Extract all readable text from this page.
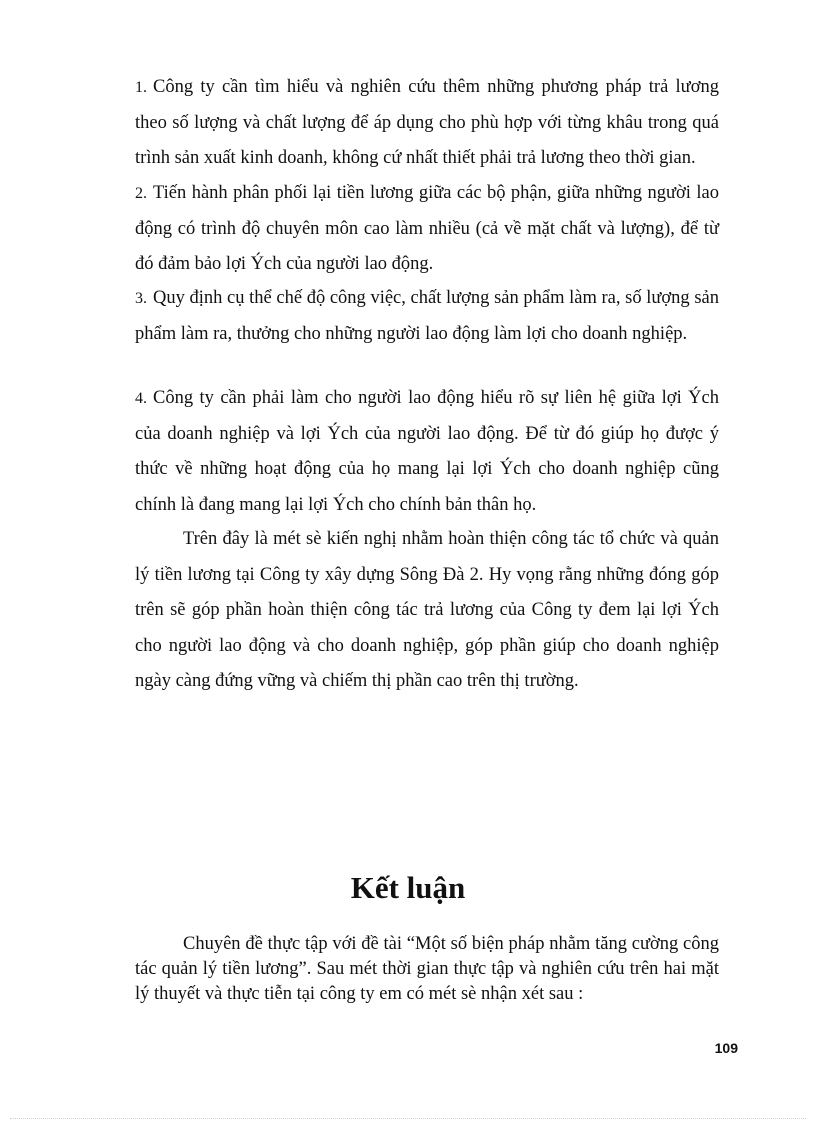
1. Công ty cần tìm hiểu và nghiên cứu thêm những phương pháp trả lương theo số lượng và chất lượng để áp dụng cho phù hợp với từng khâu trong quá trình sản xuất kinh doanh, không cứ nhất thiết phải trả lương theo thời gian.

2. Tiến hành phân phối lại tiền lương giữa các bộ phận, giữa những người lao động có trình độ chuyên môn cao làm nhiều (cả về mặt chất và lượng), để từ đó đảm bảo lợi Ých của người lao động.

3. Quy định cụ thể chế độ công việc, chất lượng sản phẩm làm ra, số lượng sản phẩm làm ra, thưởng cho những người lao động làm lợi cho doanh nghiệp.

4. Công ty cần phải làm cho người lao động hiểu rõ sự liên hệ giữa lợi Ých của doanh nghiệp và lợi Ých của người lao động. Để từ đó giúp họ được ý thức về những hoạt động của họ mang lại lợi Ých cho doanh nghiệp cũng chính là đang mang lại lợi Ých cho chính bản thân họ.

Trên đây là mét sè kiến nghị nhằm hoàn thiện công tác tổ chức và quản lý tiền lương tại Công ty xây dựng Sông Đà 2. Hy vọng rằng những đóng góp trên sẽ góp phần hoàn thiện công tác trả lương của Công ty đem lại lợi Ých cho người lao động và cho doanh nghiệp, góp phần giúp cho doanh nghiệp ngày càng đứng vững và chiếm thị phần cao trên thị trường.

Kết luận

Chuyên đề thực tập với đề tài “Một số biện pháp nhằm tăng cường công tác quản lý tiền lương”. Sau mét thời gian thực tập và nghiên cứu trên hai mặt lý thuyết và thực tiễn tại công ty em có mét sè nhận xét sau :

109
